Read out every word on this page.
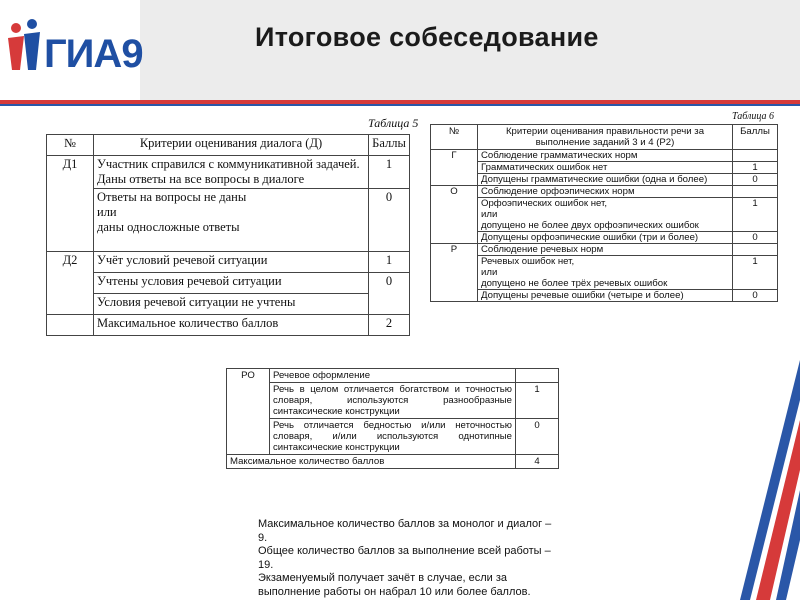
ГИА9	Итоговое собеседование
Таблица 5
№	Критерии оценивания диалога (Д)	Баллы
Д1	Участник справился с коммуникативной задачей.
Даны ответы на все вопросы в диалоге	1

	Ответы на вопросы не даны
или
даны односложные ответы	0
Д2	Учёт условий речевой ситуации	1
	Учтены условия речевой ситуации	0
	Условия речевой ситуации не учтены	
	Максимальное количество баллов	2
Таблица 6
№	Критерии оценивания правильности речи за выполнение заданий 3 и 4 (Р2)	Баллы
Г	Соблюдение грамматических норм	
	Грамматических ошибок нет	1
	Допущены грамматические ошибки (одна и более)	0
О	Соблюдение орфоэпических норм	

	Орфоэпических ошибок нет,
или
допущено не более двух орфоэпических ошибок	1
	Допущены орфоэпические ошибки (три и более)	0
Р	Соблюдение речевых норм	

	Речевых ошибок нет,
или
допущено не более трёх речевых ошибок	1
	Допущены речевые ошибки (четыре и более)	0
РО	Речевое оформление	
	Речь в целом отличается богатством и точностью словаря, используются разнообразные синтаксические конструкции	1
	Речь отличается бедностью и/или неточностью словаря, и/или используются однотипные синтаксические конструкции	0
Максимальное количество баллов		4

Максимальное количество баллов за монолог и диалог – 9.

Общее количество баллов за выполнение всей работы – 19.

Экзаменуемый получает зачёт в случае, если за выполнение работы он набрал 10 или более баллов.
